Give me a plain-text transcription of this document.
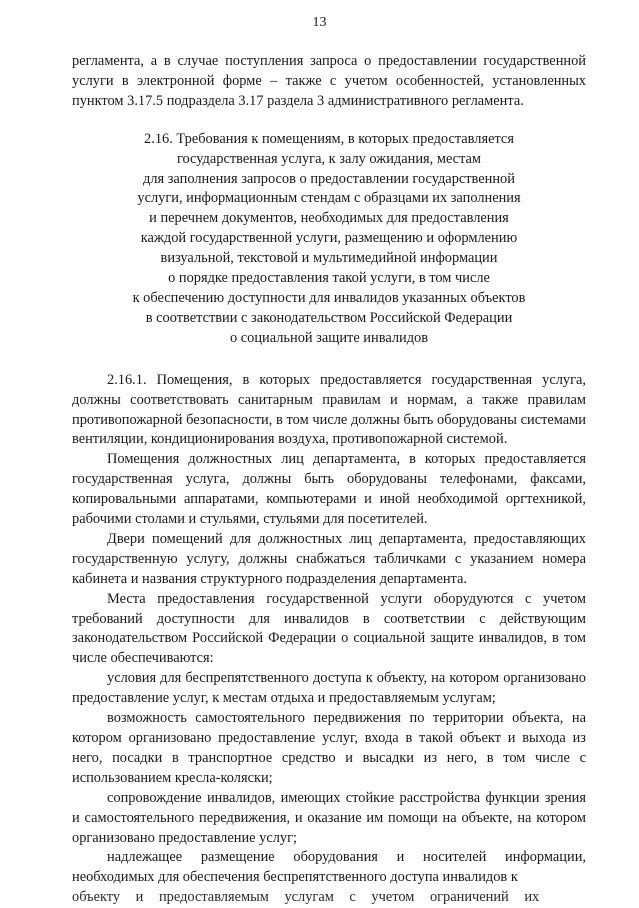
13

регламента, а в случае поступления запроса о предоставлении государственной услуги в электронной форме – также с учетом особенностей, установленных пунктом 3.17.5 подраздела 3.17 раздела 3 административного регламента.

2.16. Требования к помещениям, в которых предоставляется
государственная услуга, к залу ожидания, местам
для заполнения запросов о предоставлении государственной
услуги, информационным стендам с образцами их заполнения
и перечнем документов, необходимых для предоставления
каждой государственной услуги, размещению и оформлению
визуальной, текстовой и мультимедийной информации
о порядке предоставления такой услуги, в том числе
к обеспечению доступности для инвалидов указанных объектов
в соответствии с законодательством Российской Федерации
о социальной защите инвалидов

2.16.1. Помещения, в которых предоставляется государственная услуга, должны соответствовать санитарным правилам и нормам, а также правилам противопожарной безопасности, в том числе должны быть оборудованы системами вентиляции, кондиционирования воздуха, противопожарной системой.

Помещения должностных лиц департамента, в которых предоставляется государственная услуга, должны быть оборудованы телефонами, факсами, копировальными аппаратами, компьютерами и иной необходимой оргтехникой, рабочими столами и стульями, стульями для посетителей.

Двери помещений для должностных лиц департамента, предоставляющих государственную услугу, должны снабжаться табличками с указанием номера кабинета и названия структурного подразделения департамента.

Места предоставления государственной услуги оборудуются с учетом требований доступности для инвалидов в соответствии с действующим законодательством Российской Федерации о социальной защите инвалидов, в том числе обеспечиваются:

условия для беспрепятственного доступа к объекту, на котором организовано предоставление услуг, к местам отдыха и предоставляемым услугам;

возможность самостоятельного передвижения по территории объекта, на котором организовано предоставление услуг, входа в такой объект и выхода из него, посадки в транспортное средство и высадки из него, в том числе с использованием кресла-коляски;

сопровождение инвалидов, имеющих стойкие расстройства функции зрения и самостоятельного передвижения, и оказание им помощи на объекте, на котором организовано предоставление услуг;

надлежащее размещение оборудования и носителей информации, необходимых для обеспечения беспрепятственного доступа инвалидов к

объекту и предоставляемым услугам с учетом ограничений их
